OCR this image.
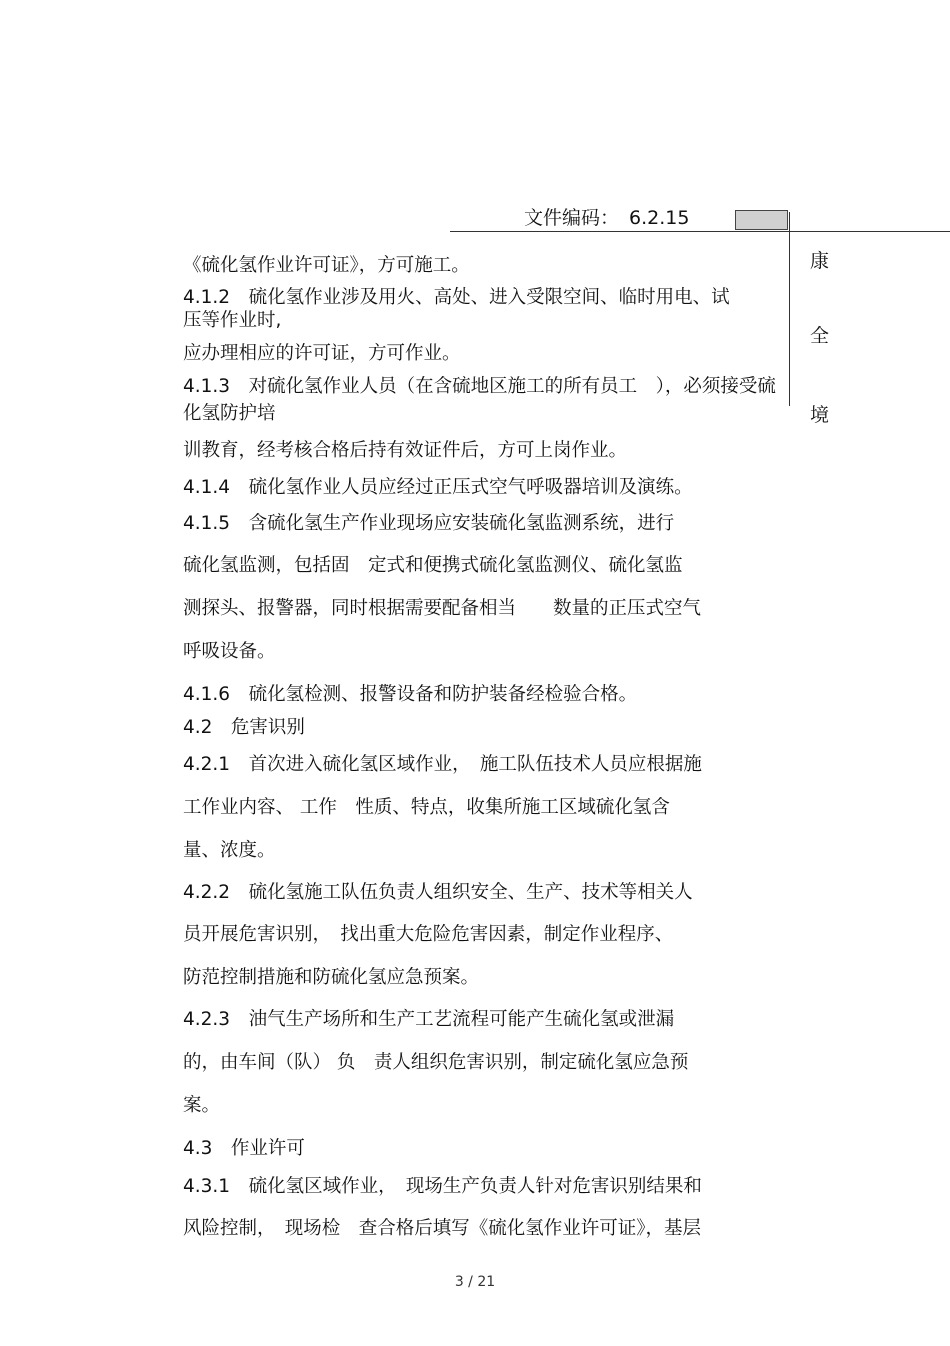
文件编码： 6.2.15
康
全
境
《硫化氢作业许可证》，方可施工。
4.1.2　硫化氢作业涉及用火、高处、进入受限空间、临时用电、试
压等作业时,
应办理相应的许可证，方可作业。
4.1.3　对硫化氢作业人员（在含硫地区施工的所有员工　），必须接受硫
化氢防护培
训教育，经考核合格后持有效证件后，方可上岗作业。
4.1.4　硫化氢作业人员应经过正压式空气呼吸器培训及演练。
4.1.5　含硫化氢生产作业现场应安装硫化氢监测系统，进行
硫化氢监测，包括固　定式和便携式硫化氢监测仪、硫化氢监
测探头、报警器，同时根据需要配备相当　　数量的正压式空气
呼吸设备。
4.1.6　硫化氢检测、报警设备和防护装备经检验合格。
4.2　危害识别
4.2.1　首次进入硫化氢区域作业，　施工队伍技术人员应根据施
工作业内容、 工作　性质、特点，收集所施工区域硫化氢含
量、浓度。
4.2.2　硫化氢施工队伍负责人组织安全、生产、技术等相关人
员开展危害识别，　找出重大危险危害因素，制定作业程序、
防范控制措施和防硫化氢应急预案。
4.2.3　油气生产场所和生产工艺流程可能产生硫化氢或泄漏
的，由车间（队） 负　责人组织危害识别，制定硫化氢应急预
案。
4.3　作业许可
4.3.1　硫化氢区域作业，　现场生产负责人针对危害识别结果和
风险控制，　现场检　查合格后填写《硫化氢作业许可证》，基层
3 / 21
